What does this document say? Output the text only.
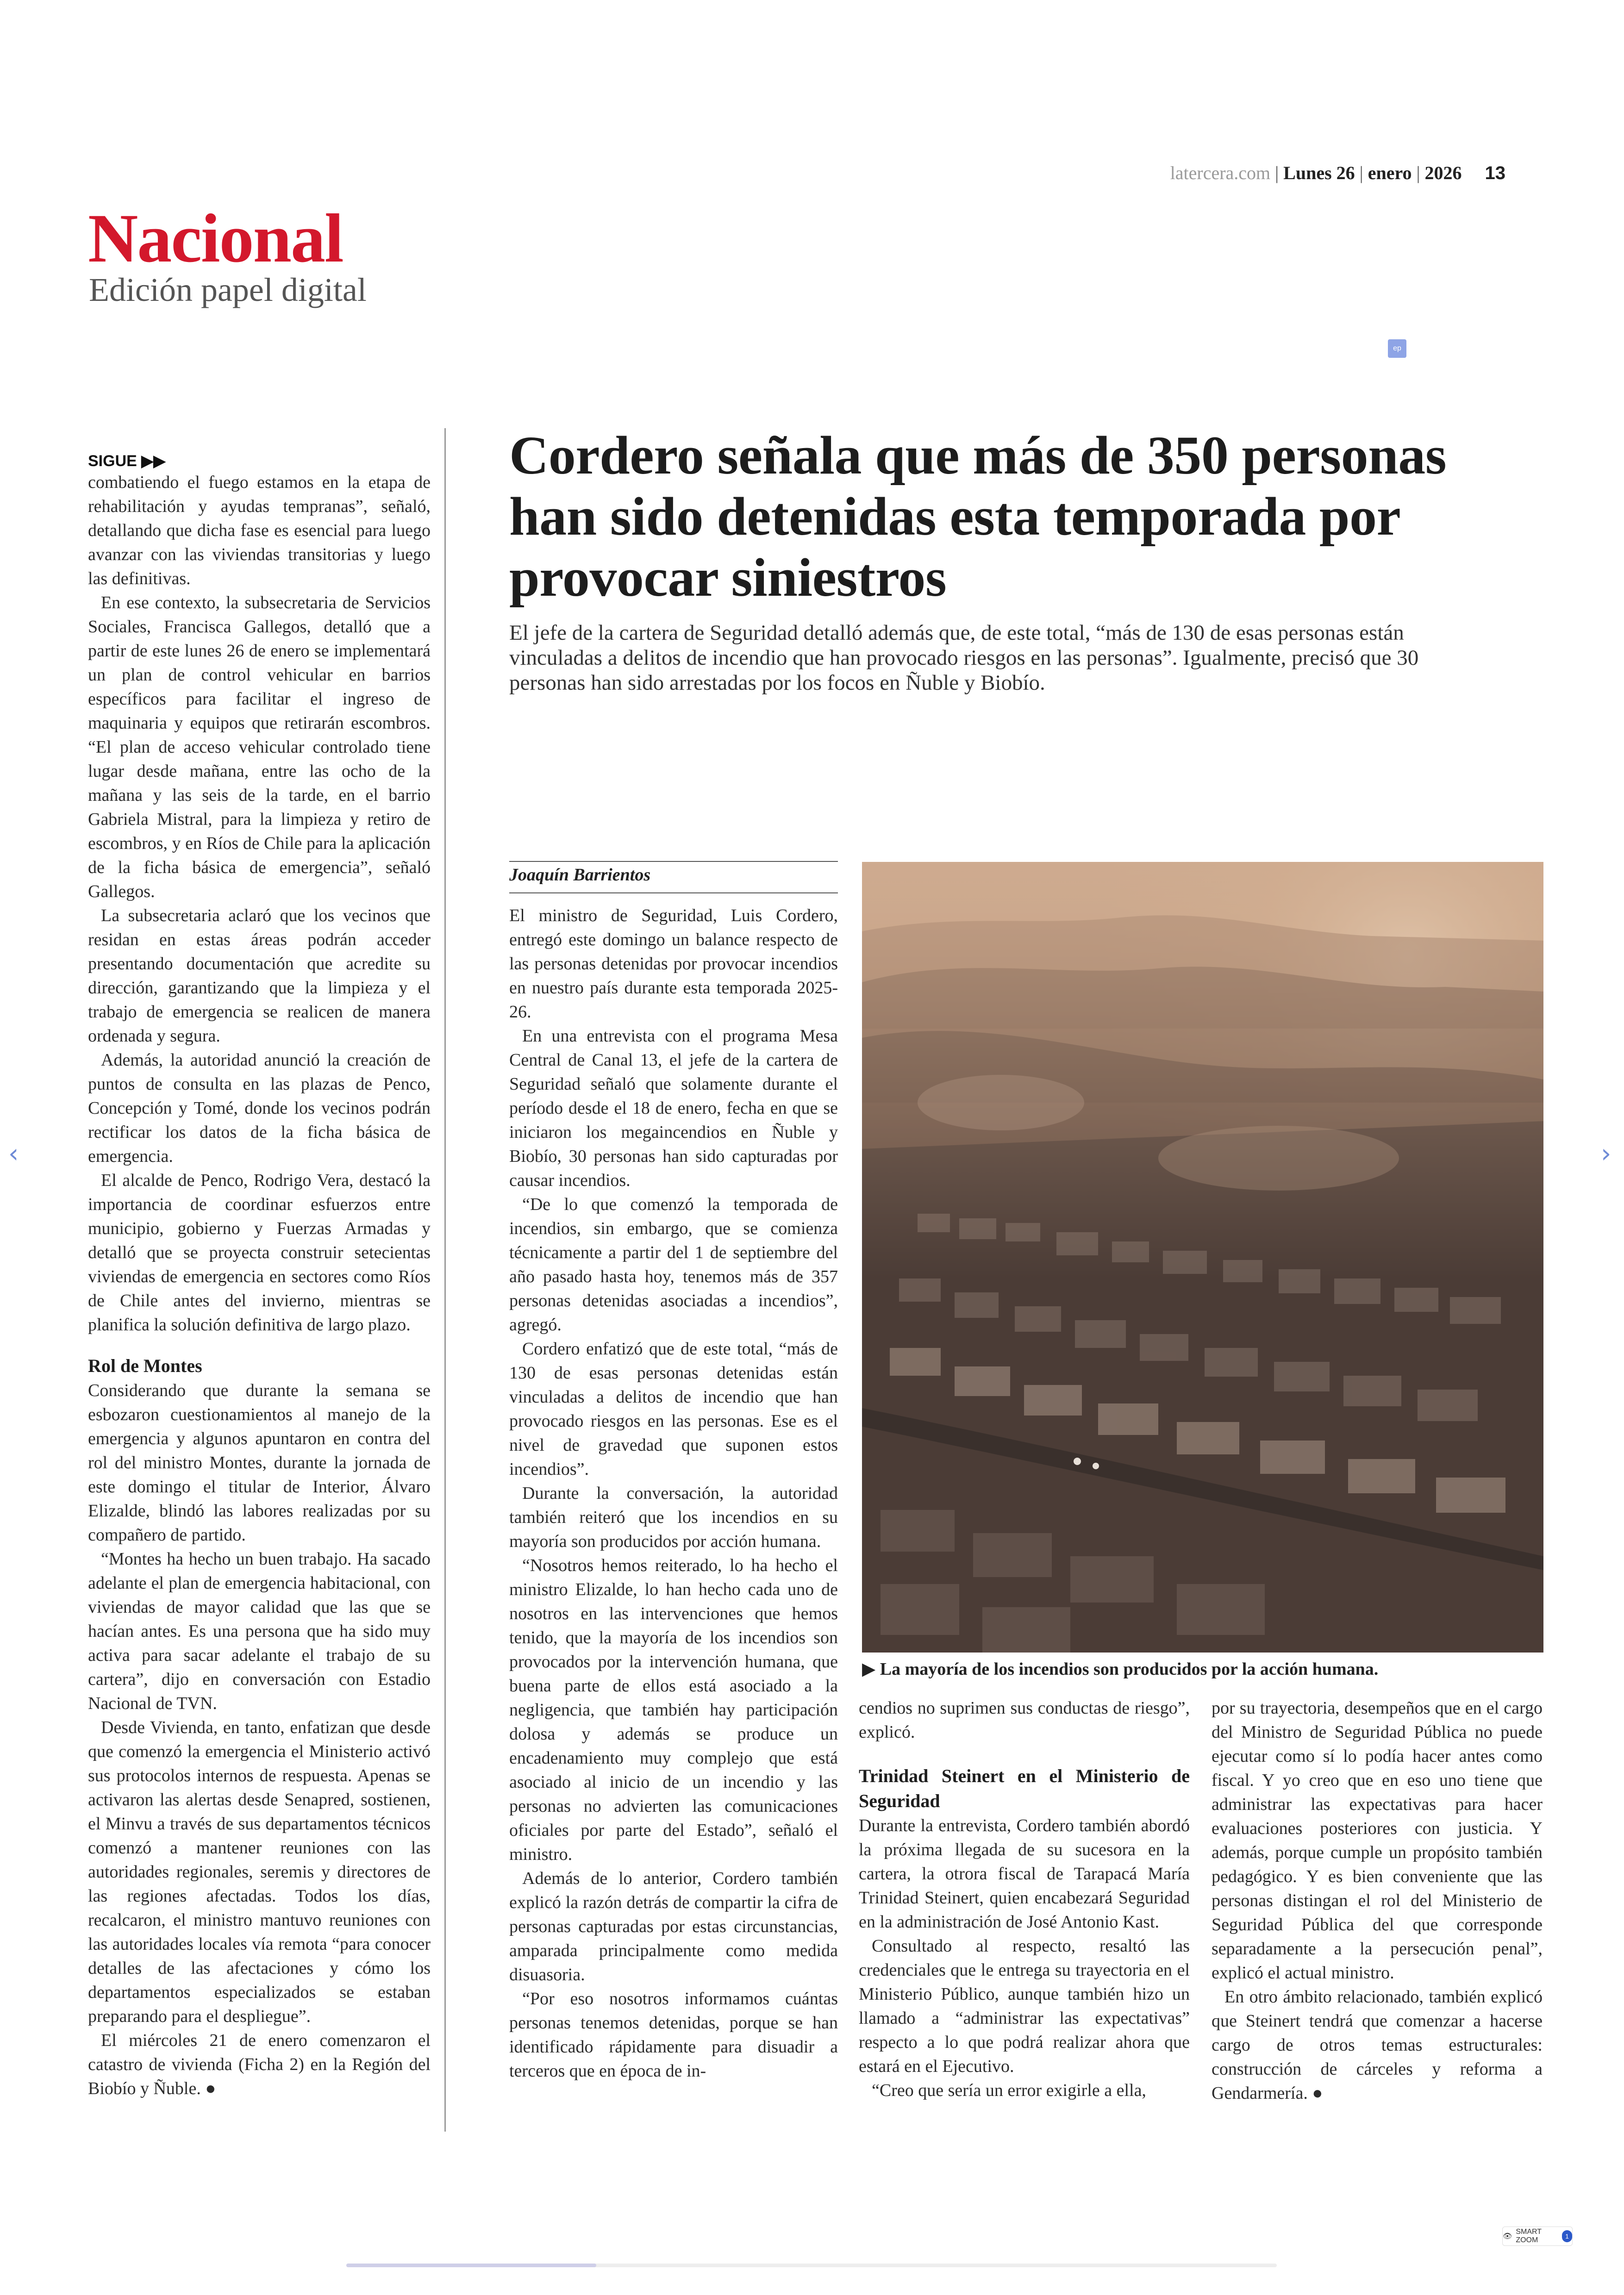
latercera.com | Lunes 26 | enero | 2026 13
Nacional
Edición papel digital
ep
SIGUE ▶▶

combatiendo el fuego estamos en la etapa de rehabilitación y ayudas tempranas”, señaló, detallando que dicha fase es esencial para luego avanzar con las viviendas transitorias y luego las definitivas.

En ese contexto, la subsecretaria de Servicios Sociales, Francisca Gallegos, detalló que a partir de este lunes 26 de enero se implementará un plan de control vehicular en barrios específicos para facilitar el ingreso de maquinaria y equipos que retirarán escombros. “El plan de acceso vehicular controlado tiene lugar desde mañana, entre las ocho de la mañana y las seis de la tarde, en el barrio Gabriela Mistral, para la limpieza y retiro de escombros, y en Ríos de Chile para la aplicación de la ficha básica de emergencia”, señaló Gallegos.

La subsecretaria aclaró que los vecinos que residan en estas áreas podrán acceder presentando documentación que acredite su dirección, garantizando que la limpieza y el trabajo de emergencia se realicen de manera ordenada y segura.

Además, la autoridad anunció la creación de puntos de consulta en las plazas de Penco, Concepción y Tomé, donde los vecinos podrán rectificar los datos de la ficha básica de emergencia.

El alcalde de Penco, Rodrigo Vera, destacó la importancia de coordinar esfuerzos entre municipio, gobierno y Fuerzas Armadas y detalló que se proyecta construir setecientas viviendas de emergencia en sectores como Ríos de Chile antes del invierno, mientras se planifica la solución definitiva de largo plazo.

Rol de Montes

Considerando que durante la semana se esbozaron cuestionamientos al manejo de la emergencia y algunos apuntaron en contra del rol del ministro Montes, durante la jornada de este domingo el titular de Interior, Álvaro Elizalde, blindó las labores realizadas por su compañero de partido.

“Montes ha hecho un buen trabajo. Ha sacado adelante el plan de emergencia habitacional, con viviendas de mayor calidad que las que se hacían antes. Es una persona que ha sido muy activa para sacar adelante el trabajo de su cartera”, dijo en conversación con Estadio Nacional de TVN.

Desde Vivienda, en tanto, enfatizan que desde que comenzó la emergencia el Ministerio activó sus protocolos internos de respuesta. Apenas se activaron las alertas desde Senapred, sostienen, el Minvu a través de sus departamentos técnicos comenzó a mantener reuniones con las autoridades regionales, seremis y directores de las regiones afectadas. Todos los días, recalcaron, el ministro mantuvo reuniones con las autoridades locales vía remota “para conocer detalles de las afectaciones y cómo los departamentos especializados se estaban preparando para el despliegue”.

El miércoles 21 de enero comenzaron el catastro de vivienda (Ficha 2) en la Región del Biobío y Ñuble. ●

Cordero señala que más de 350 personas han sido detenidas esta temporada por provocar siniestros
El jefe de la cartera de Seguridad detalló además que, de este total, “más de 130 de esas personas están vinculadas a delitos de incendio que han provocado riesgos en las personas”. Igualmente, precisó que 30 personas han sido arrestadas por los focos en Ñuble y Biobío.
Joaquín Barrientos

El ministro de Seguridad, Luis Cordero, entregó este domingo un balance respecto de las personas detenidas por provocar incendios en nuestro país durante esta temporada 2025-26.

En una entrevista con el programa Mesa Central de Canal 13, el jefe de la cartera de Seguridad señaló que solamente durante el período desde el 18 de enero, fecha en que se iniciaron los megaincendios en Ñuble y Biobío, 30 personas han sido capturadas por causar incendios.

“De lo que comenzó la temporada de incendios, sin embargo, que se comienza técnicamente a partir del 1 de septiembre del año pasado hasta hoy, tenemos más de 357 personas detenidas asociadas a incendios”, agregó.

Cordero enfatizó que de este total, “más de 130 de esas personas detenidas están vinculadas a delitos de incendio que han provocado riesgos en las personas. Ese es el nivel de gravedad que suponen estos incendios”.

Durante la conversación, la autoridad también reiteró que los incendios en su mayoría son producidos por acción humana.

“Nosotros hemos reiterado, lo ha hecho el ministro Elizalde, lo han hecho cada uno de nosotros en las intervenciones que hemos tenido, que la mayoría de los incendios son provocados por la intervención humana, que buena parte de ellos está asociado a la negligencia, que también hay participación dolosa y además se produce un encadenamiento muy complejo que está asociado al inicio de un incendio y las personas no advierten las comunicaciones oficiales por parte del Estado”, señaló el ministro.

Además de lo anterior, Cordero también explicó la razón detrás de compartir la cifra de personas capturadas por estas circunstancias, amparada principalmente como medida disuasoria.

“Por eso nosotros informamos cuántas personas tenemos detenidas, porque se han identificado rápidamente para disuadir a terceros que en época de in-

▶ La mayoría de los incendios son producidos por la acción humana.

cendios no suprimen sus conductas de riesgo”, explicó.

Trinidad Steinert en el Ministerio de Seguridad

Durante la entrevista, Cordero también abordó la próxima llegada de su sucesora en la cartera, la otrora fiscal de Tarapacá María Trinidad Steinert, quien encabezará Seguridad en la administración de José Antonio Kast.

Consultado al respecto, resaltó las credenciales que le entrega su trayectoria en el Ministerio Público, aunque también hizo un llamado a “administrar las expectativas” respecto a lo que podrá realizar ahora que estará en el Ejecutivo.

“Creo que sería un error exigirle a ella,

por su trayectoria, desempeños que en el cargo del Ministro de Seguridad Pública no puede ejecutar como sí lo podía hacer antes como fiscal. Y yo creo que en eso uno tiene que administrar las expectativas para hacer evaluaciones posteriores con justicia. Y además, porque cumple un propósito también pedagógico. Y es bien conveniente que las personas distingan el rol del Ministerio de Seguridad Pública del que corresponde separadamente a la persecución penal”, explicó el actual ministro.

En otro ámbito relacionado, también explicó que Steinert tendrá que comenzar a hacerse cargo de otros temas estructurales: construcción de cárceles y reforma a Gendarmería. ●

‹	›
👁
SMART ZOOM	1
